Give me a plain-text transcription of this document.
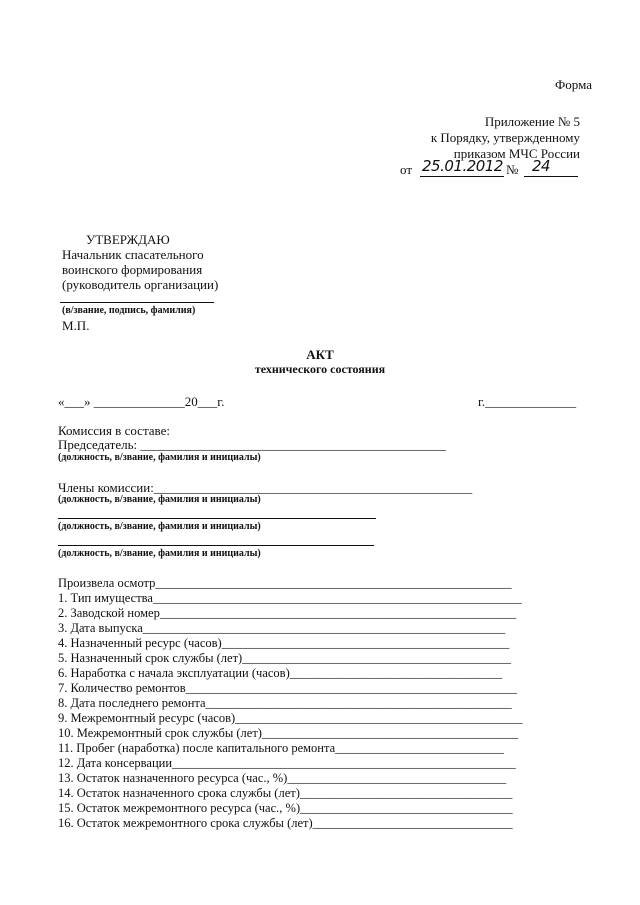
Форма
Приложение № 5
к Порядку, утвержденному
приказом МЧС России
от 25.01.2012 № 24
УТВЕРЖДАЮ
Начальник спасательного
воинского формирования
(руководитель организации)
(в/звание, подпись, фамилия)
М.П.
АКТ
технического состояния
«___» ______________20___г.	г.______________
Комиссия в составе:
Председатель: _______________________________________________
(должность, в/звание, фамилия и инициалы)
Члены комиссии:_________________________________________________
(должность, в/звание, фамилия и инициалы)
(должность, в/звание, фамилия и инициалы)
(должность, в/звание, фамилия и инициалы)
Произвела осмотр_________________________________________________________
1. Тип имущества___________________________________________________________
2. Заводской номер_________________________________________________________
3. Дата выпуска__________________________________________________________
4. Назначенный ресурс (часов)______________________________________________
5. Назначенный срок службы (лет)___________________________________________
6. Наработка с начала эксплуатации (часов)__________________________________
7. Количество ремонтов_____________________________________________________
8. Дата последнего ремонта_________________________________________________
9. Межремонтный ресурс (часов)______________________________________________
10. Межремонтный срок службы (лет)_________________________________________
11. Пробег (наработка) после капитального ремонта___________________________
12. Дата консервации_______________________________________________________
13. Остаток назначенного ресурса (час., %)___________________________________
14. Остаток назначенного срока службы (лет)__________________________________
15. Остаток межремонтного ресурса (час., %)__________________________________
16. Остаток межремонтного срока службы (лет)________________________________
